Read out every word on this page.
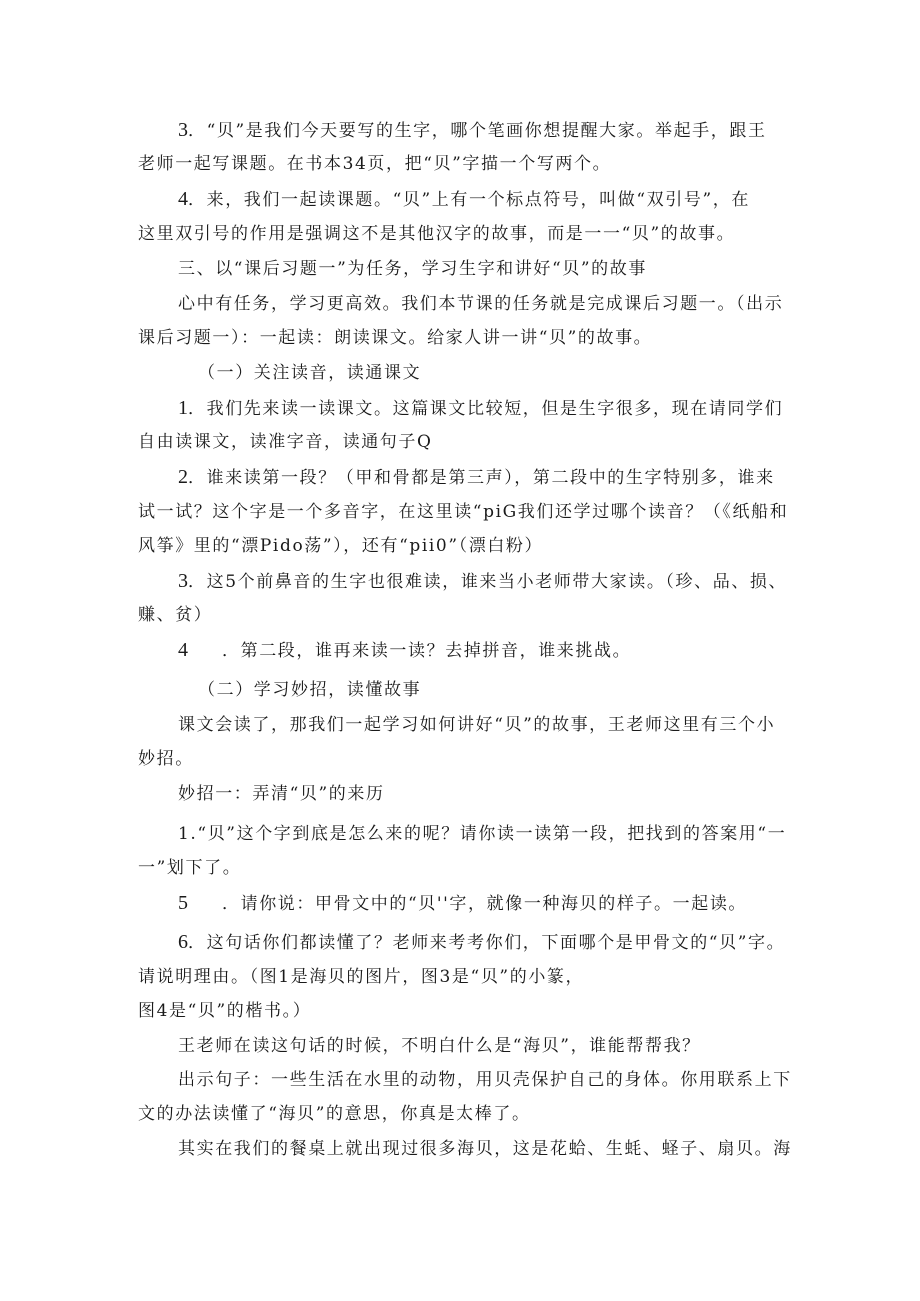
3．“贝”是我们今天要写的生字，哪个笔画你想提醒大家。举起手，跟王
老师一起写课题。在书本34页，把“贝”字描一个写两个。
4．来，我们一起读课题。“贝”上有一个标点符号，叫做“双引号”，在
这里双引号的作用是强调这不是其他汉字的故事，而是一一“贝”的故事。
三、以“课后习题一”为任务，学习生字和讲好“贝”的故事
心中有任务，学习更高效。我们本节课的任务就是完成课后习题一。（出示
课后习题一）：一起读：朗读课文。给家人讲一讲“贝”的故事。
（一）关注读音，读通课文
1．我们先来读一读课文。这篇课文比较短，但是生字很多，现在请同学们
自由读课文，读准字音，读通句子Q
2．谁来读第一段？（甲和骨都是第三声），第二段中的生字特别多，谁来
试一试？这个字是一个多音字，在这里读“piG我们还学过哪个读音？（《纸船和
风筝》里的“漂Pido荡”），还有“pii0”（漂白粉）
3．这5个前鼻音的生字也很难读，谁来当小老师带大家读。（珍、品、损、
赚、贫）
4 ．第二段，谁再来读一读？去掉拼音，谁来挑战。
（二）学习妙招，读懂故事
课文会读了，那我们一起学习如何讲好“贝”的故事，王老师这里有三个小
妙招。
妙招一：弄清“贝”的来历
1.“贝”这个字到底是怎么来的呢？请你读一读第一段，把找到的答案用“一
一”划下了。
5 ．请你说：甲骨文中的“贝''字，就像一种海贝的样子。一起读。
6．这句话你们都读懂了？老师来考考你们，下面哪个是甲骨文的“贝”字。
请说明理由。（图1是海贝的图片，图3是“贝”的小篆，
图4是“贝”的楷书。）
王老师在读这句话的时候，不明白什么是“海贝”，谁能帮帮我？
出示句子：一些生活在水里的动物，用贝壳保护自己的身体。你用联系上下
文的办法读懂了“海贝”的意思，你真是太棒了。
其实在我们的餐桌上就出现过很多海贝，这是花蛤、生蚝、蛏子、扇贝。海
